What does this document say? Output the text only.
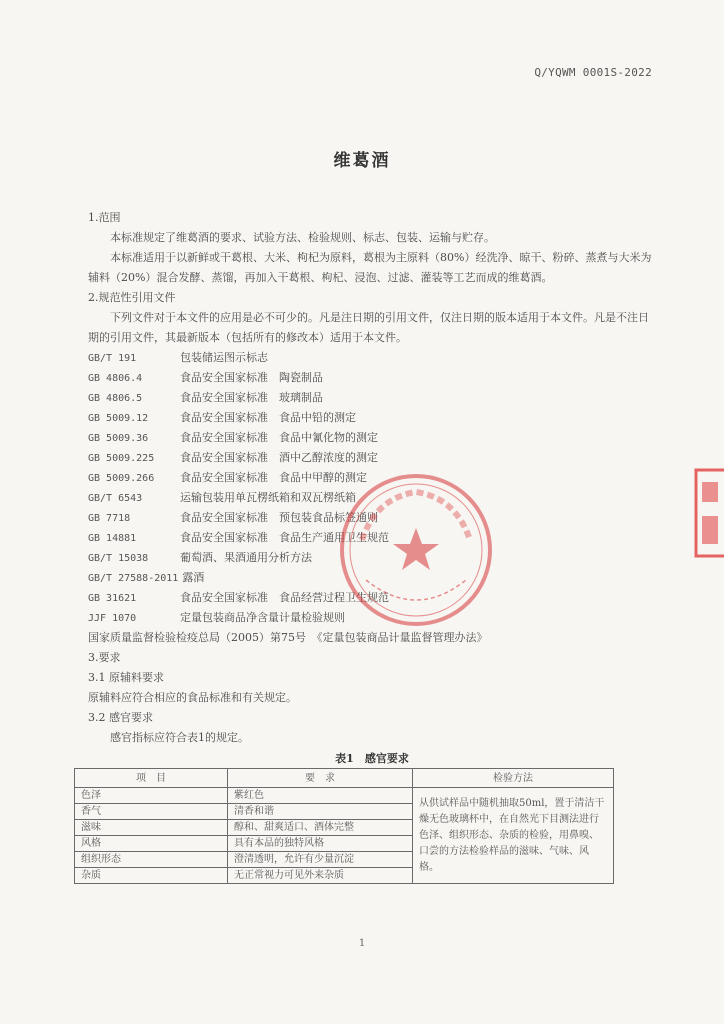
Q/YQWM 0001S-2022
维葛酒

1.范围

本标准规定了维葛酒的要求、试验方法、检验规则、标志、包装、运输与贮存。

本标准适用于以新鲜或干葛根、大米、枸杞为原料，葛根为主原料（80%）经洗净、晾干、粉碎、蒸煮与大米为辅料（20%）混合发酵、蒸馏，再加入干葛根、枸杞、浸泡、过滤、灌装等工艺而成的维葛酒。

2.规范性引用文件

下列文件对于本文件的应用是必不可少的。凡是注日期的引用文件，仅注日期的版本适用于本文件。凡是不注日期的引用文件，其最新版本（包括所有的修改本）适用于本文件。

GB/T 191	包装储运图示标志
GB 4806.4	食品安全国家标准　陶瓷制品
GB 4806.5	食品安全国家标准　玻璃制品
GB 5009.12	食品安全国家标准　食品中铅的测定
GB 5009.36	食品安全国家标准　食品中氰化物的测定
GB 5009.225 食品安全国家标准　酒中乙醇浓度的测定
GB 5009.266 食品安全国家标准　食品中甲醇的测定
GB/T 6543	运输包装用单瓦楞纸箱和双瓦楞纸箱
GB 7718	食品安全国家标准　预包装食品标签通则
GB 14881	食品安全国家标准　食品生产通用卫生规范
GB/T 15038	葡萄酒、果酒通用分析方法
GB/T 27588-2011 露酒
GB 31621	食品安全国家标准　食品经营过程卫生规范
JJF 1070	定量包装商品净含量计量检验规则

国家质量监督检验检疫总局（2005）第75号　《定量包装商品计量监督管理办法》

3.要求

3.1 原辅料要求

原辅料应符合相应的食品标准和有关规定。

3.2 感官要求

感官指标应符合表1的规定。

表1　感官要求
项　目	要　求	检验方法
色泽	紫红色	从供试样品中随机抽取50ml，置于清洁干燥无色玻璃杯中，在自然光下目测法进行色泽、组织形态、杂质的检验，用鼻嗅、口尝的方法检验样品的滋味、气味、风格。
香气	清香和谐	
滋味	醇和、甜爽适口、酒体完整	
风格	具有本品的独特风格	
组织形态	澄清透明，允许有少量沉淀	
杂质	无正常视力可见外来杂质	
1
